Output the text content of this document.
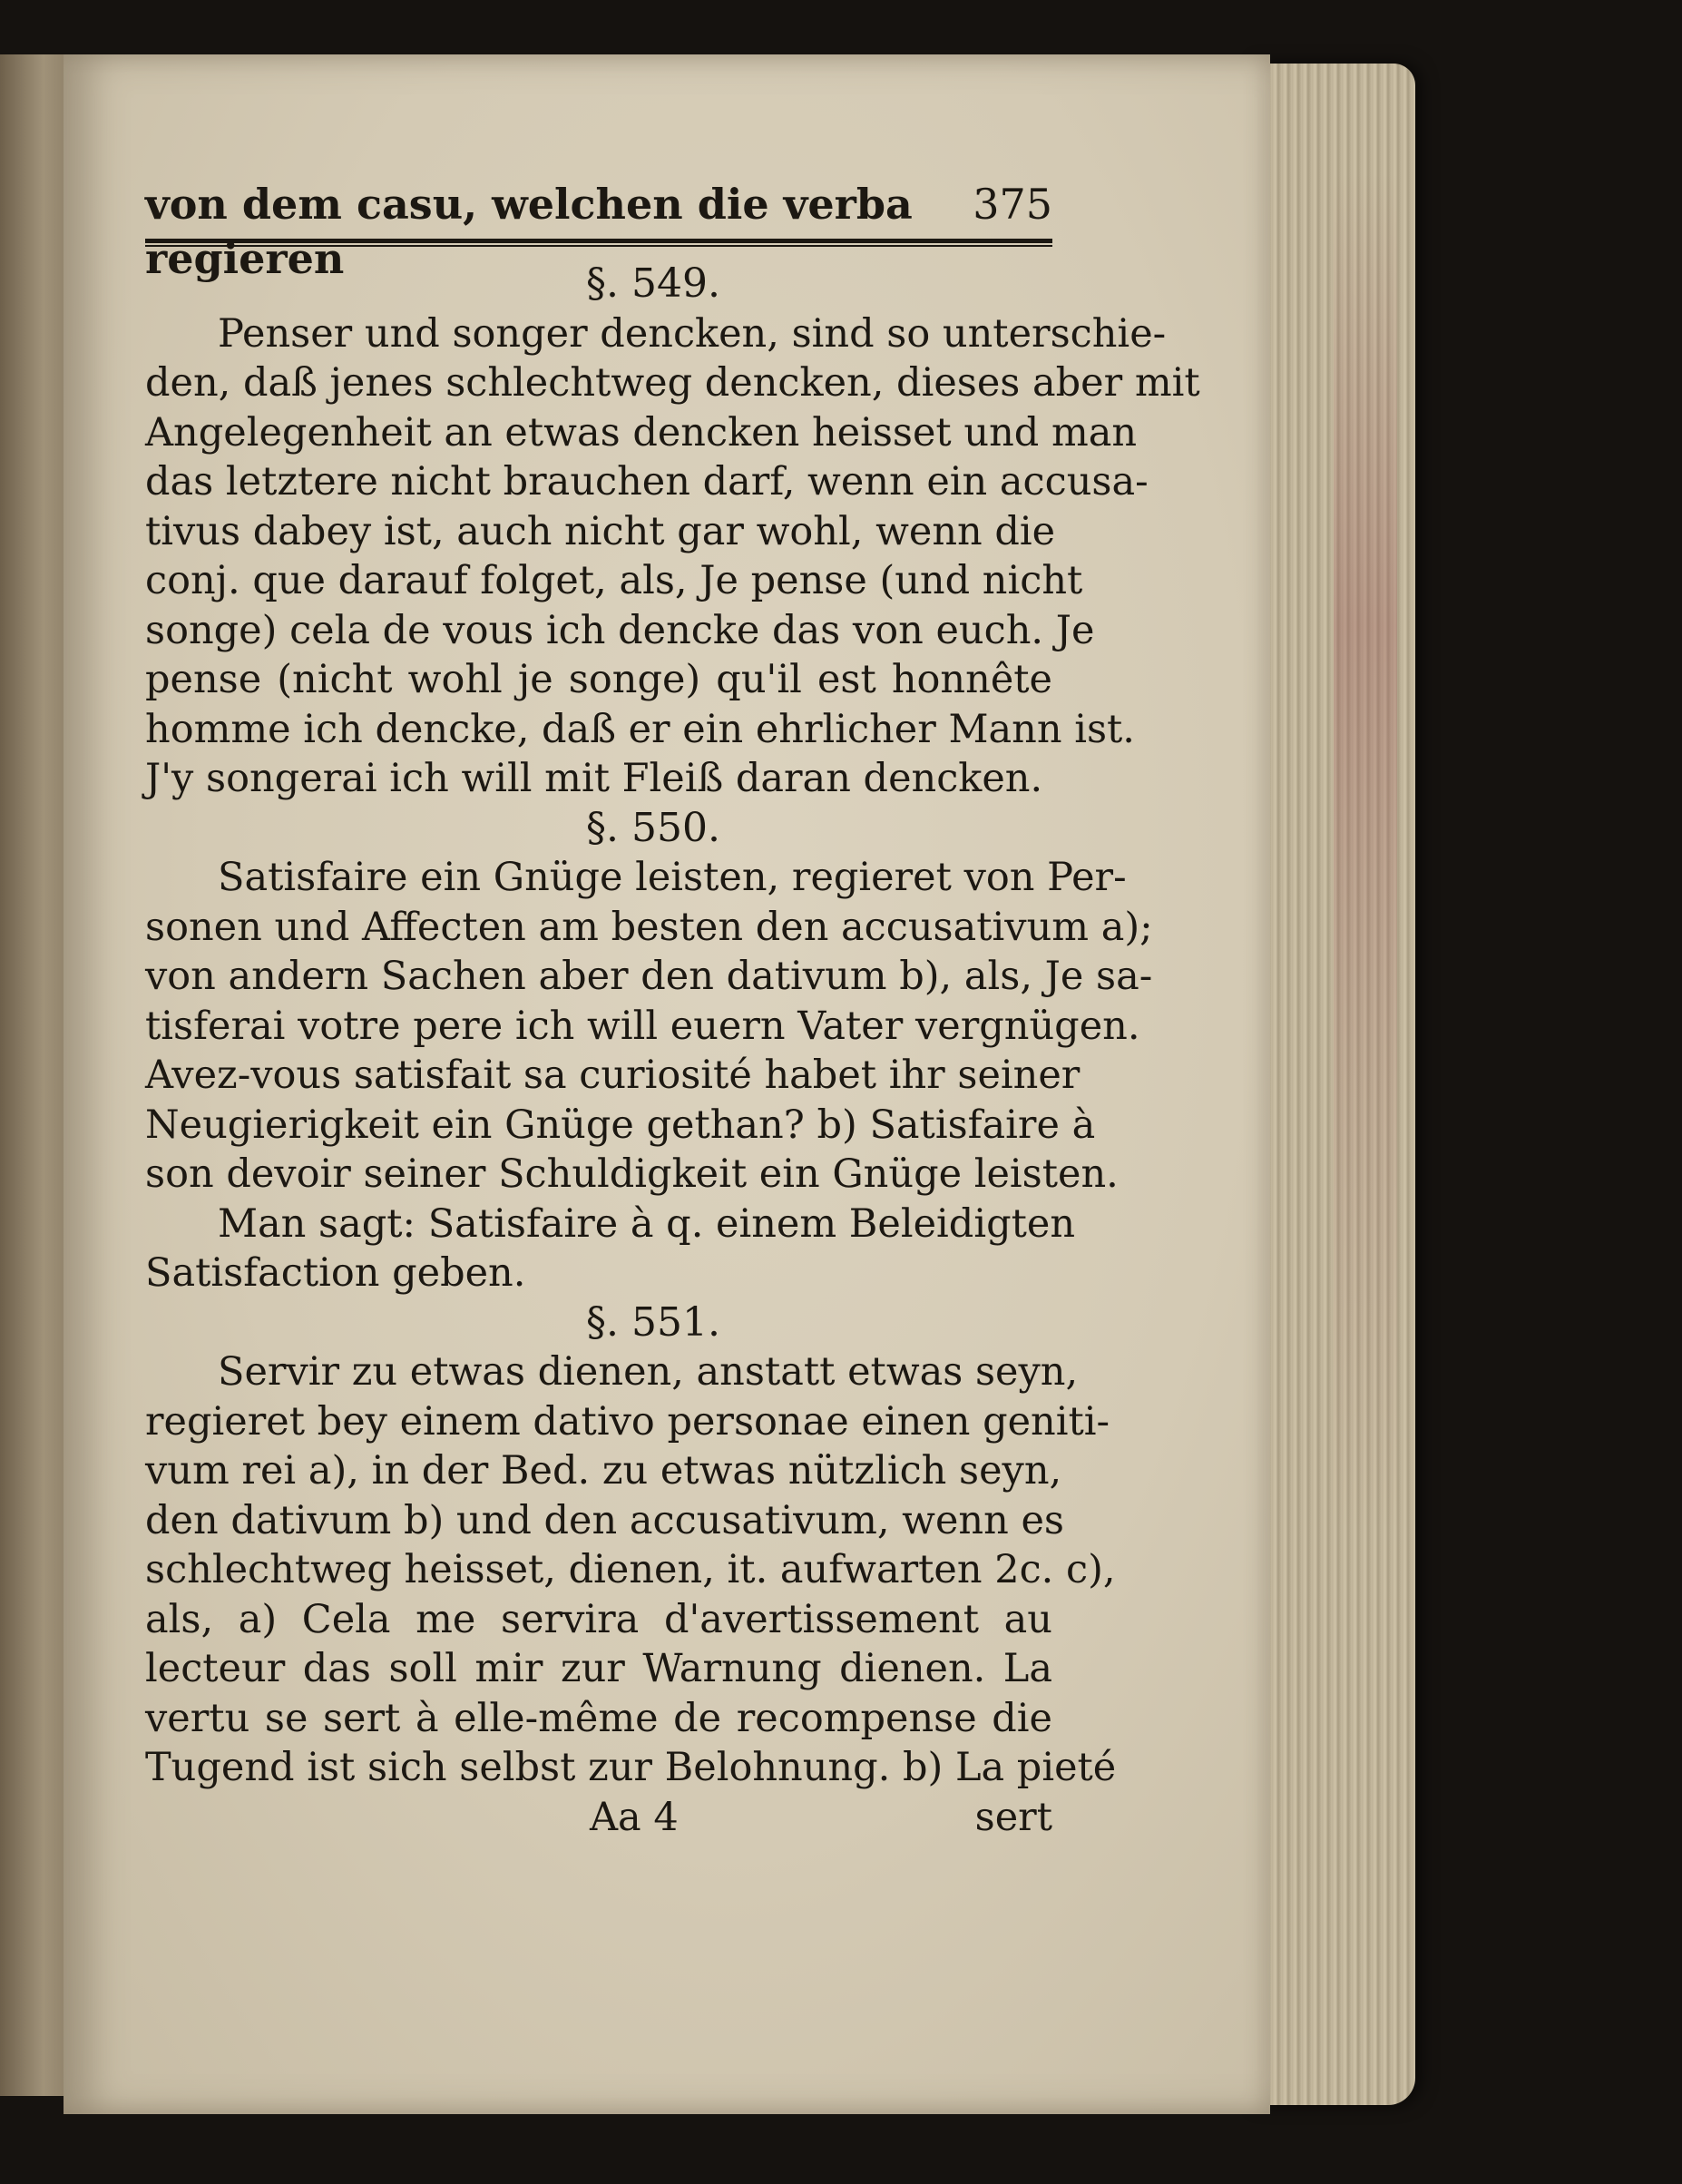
von dem casu, welchen die verba regieren
375
§. 549.
Penser und songer dencken, sind so unterschie-
den, daß jenes schlechtweg dencken, dieses aber mit
Angelegenheit an etwas dencken heisset und man
das letztere nicht brauchen darf, wenn ein accusa-
tivus dabey ist, auch nicht gar wohl, wenn die
conj. que darauf folget, als, Je pense (und nicht
songe) cela de vous ich dencke das von euch. Je
pense (nicht wohl je songe) qu'il est honnête
homme ich dencke, daß er ein ehrlicher Mann ist.
J'y songerai ich will mit Fleiß daran dencken.
§. 550.
Satisfaire ein Gnüge leisten, regieret von Per-
sonen und Affecten am besten den accusativum a);
von andern Sachen aber den dativum b), als, Je sa-
tisferai votre pere ich will euern Vater vergnügen.
Avez-vous satisfait sa curiosité habet ihr seiner
Neugierigkeit ein Gnüge gethan? b) Satisfaire à
son devoir seiner Schuldigkeit ein Gnüge leisten.
Man sagt: Satisfaire à q. einem Beleidigten
Satisfaction geben.
§. 551.
Servir zu etwas dienen, anstatt etwas seyn,
regieret bey einem dativo personae einen geniti-
vum rei a), in der Bed. zu etwas nützlich seyn,
den dativum b) und den accusativum, wenn es
schlechtweg heisset, dienen, it. aufwarten 2c. c),
als, a) Cela me servira d'avertissement au
lecteur das soll mir zur Warnung dienen. La
vertu se sert à elle-même de recompense die
Tugend ist sich selbst zur Belohnung. b) La pieté
Aa 4	sert
